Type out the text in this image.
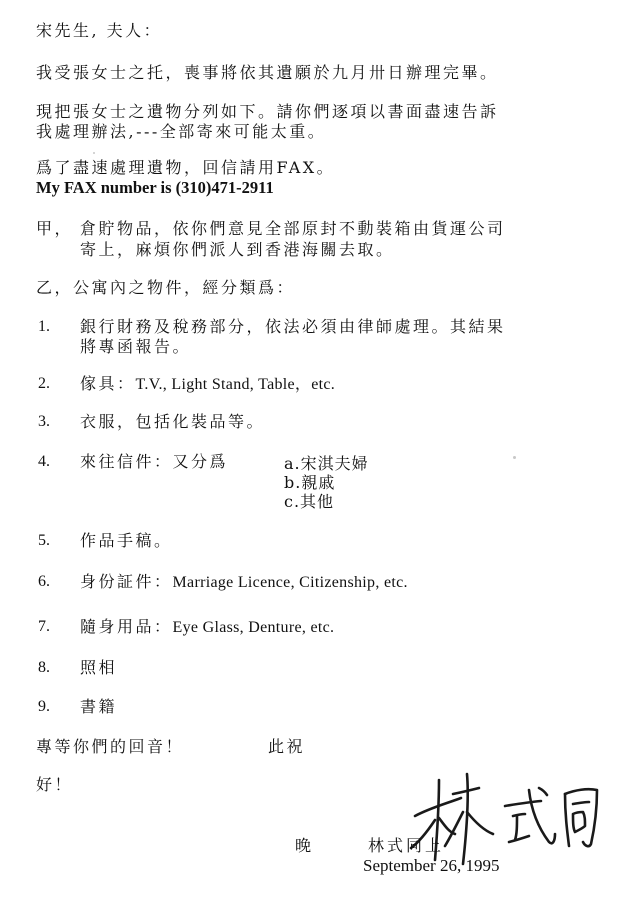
宋先生, 夫人：
我受張女士之托，喪事將依其遺願於九月卅日辦理完畢。
現把張女士之遺物分列如下。請你們逐項以書面盡速告訴
我處理辦法,---全部寄來可能太重。
爲了盡速處理遺物，回信請用FAX。
My FAX number is (310)471-2911
甲， 倉貯物品，依你們意見全部原封不動裝箱由貨運公司
寄上，麻煩你們派人到香港海關去取。
乙，公寓內之物件，經分類爲：
1. 銀行財務及稅務部分，依法必須由律師處理。其結果
將專函報告。
2. 傢具：T.V., Light Stand, Table，etc.
3. 衣服，包括化裝品等。
4. 來往信件：又分爲	a.宋淇夫婦
b.親戚
c.其他
5. 作品手稿。
6. 身份証件：Marriage Licence, Citizenship, etc.
7. 隨身用品：Eye Glass, Denture, etc.
8. 照相
9. 書籍
專等你們的回音！	此祝
好！
晚	林式同上
September 26, 1995
